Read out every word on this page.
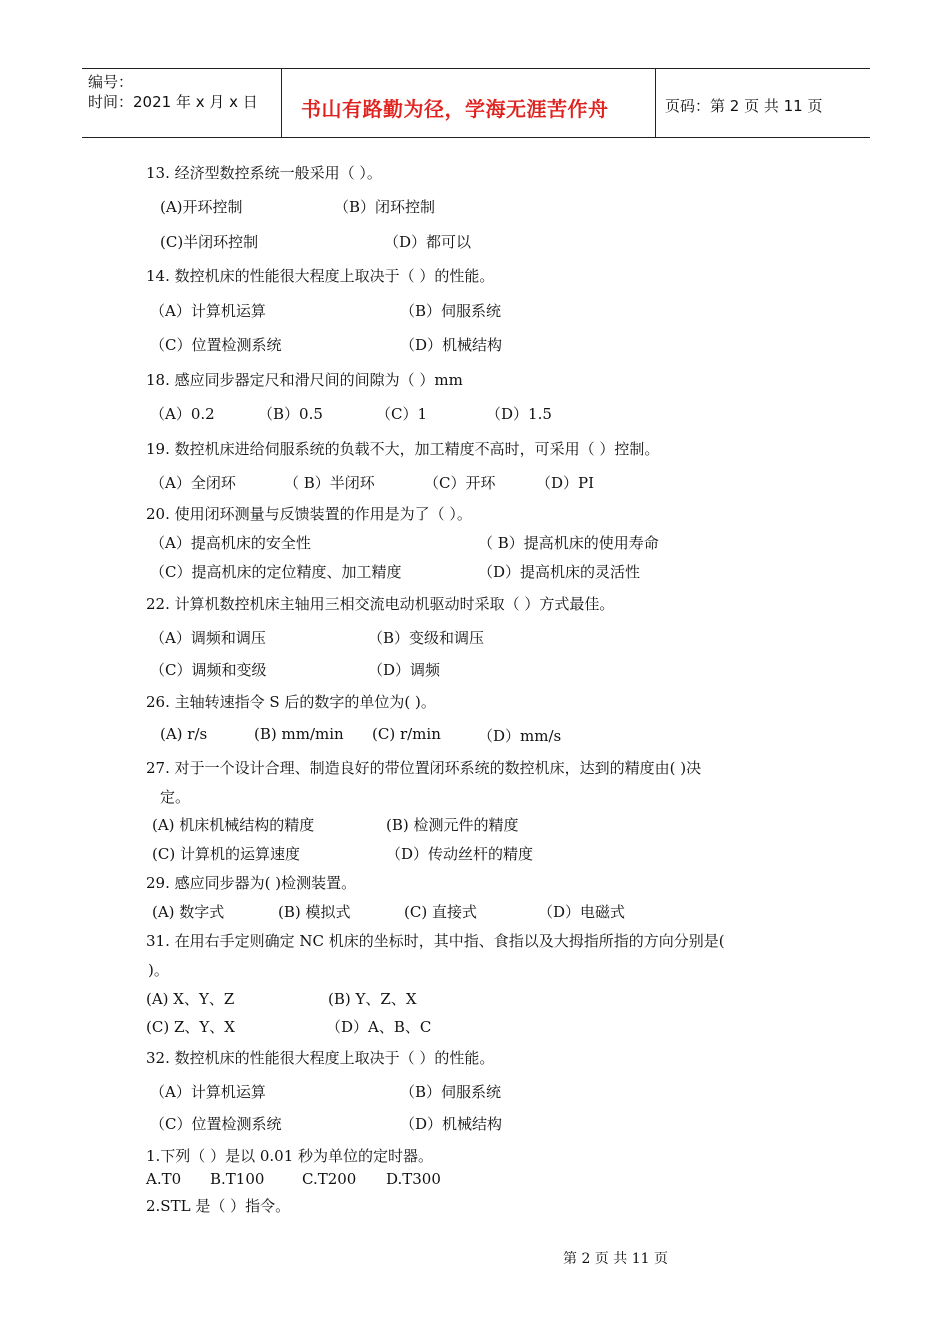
编号：
时间：2021 年 x 月 x 日 书山有路勤为径，学海无涯苦作舟	页码：第 2 页 共 11 页
13. 经济型数控系统一般采用（ ）。
(A)开环控制	（B）闭环控制
(C)半闭环控制	（D）都可以
14. 数控机床的性能很大程度上取决于（ ）的性能。
（A）计算机运算	（B）伺服系统
（C）位置检测系统	（D）机械结构
18. 感应同步器定尺和滑尺间的间隙为（ ）mm
（A）0.2	（B）0.5	（C）1	（D）1.5
19. 数控机床进给伺服系统的负载不大，加工精度不高时，可采用（ ）控制。
（A）全闭环	（ B）半闭环	（C）开环	（D）PI
20. 使用闭环测量与反馈装置的作用是为了（ ）。
（A）提高机床的安全性	（ B）提高机床的使用寿命
（C）提高机床的定位精度、加工精度	（D）提高机床的灵活性
22. 计算机数控机床主轴用三相交流电动机驱动时采取（ ）方式最佳。
（A）调频和调压	（B）变级和调压
（C）调频和变级	（D）调频
26. 主轴转速指令 S 后的数字的单位为( )。
(A) r/s	(B) mm/min (C) r/min （D）mm/s
27. 对于一个设计合理、制造良好的带位置闭环系统的数控机床，达到的精度由( )决
定。
(A) 机床机械结构的精度	(B) 检测元件的精度
(C) 计算机的运算速度	（D）传动丝杆的精度
29. 感应同步器为( )检测装置。
(A) 数字式	(B) 模拟式	(C) 直接式	（D）电磁式
31. 在用右手定则确定 NC 机床的坐标时，其中指、食指以及大拇指所指的方向分别是(
)。
(A) X、Y、Z	(B) Y、Z、X
(C) Z、Y、X	（D）A、B、C
32. 数控机床的性能很大程度上取决于（ ）的性能。
（A）计算机运算	（B）伺服系统
（C）位置检测系统	（D）机械结构
1.下列（ ）是以 0.01 秒为单位的定时器。
A.T0 B.T100	C.T200 D.T300
2.STL 是（ ）指令。
第 2 页 共 11 页
